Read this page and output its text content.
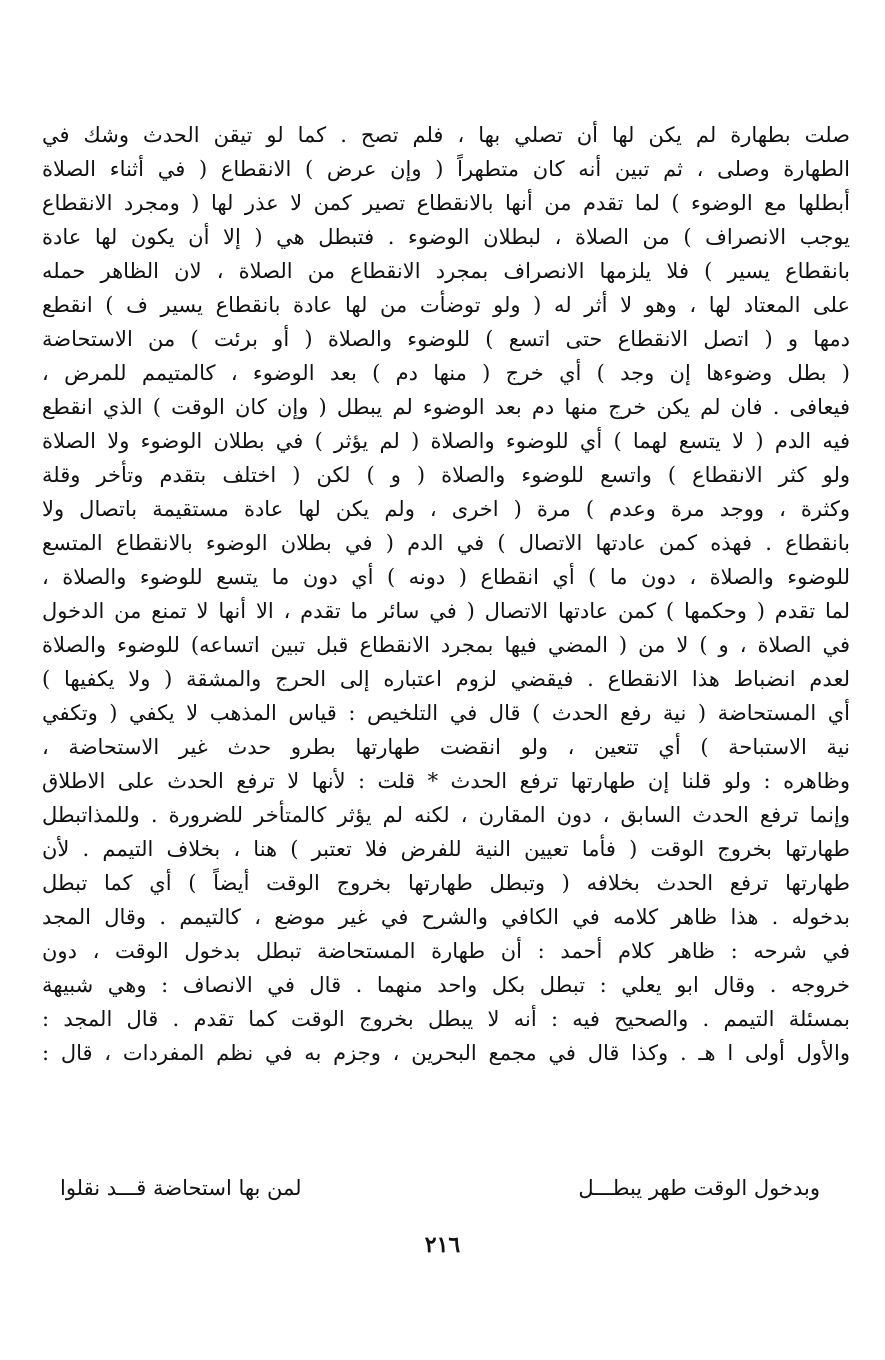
صلت بطهارة لم يكن لها أن تصلي بها ، فلم تصح . كما لو تيقن الحدث وشك في
الطهارة وصلى ، ثم تبين أنه كان متطهراً ( وإن عرض ) الانقطاع ( في أثناء الصلاة
أبطلها مع الوضوء ) لما تقدم من أنها بالانقطاع تصير كمن لا عذر لها ( ومجرد الانقطاع
يوجب الانصراف ) من الصلاة ، لبطلان الوضوء . فتبطل هي ( إلا أن يكون لها عادة
بانقطاع يسير ) فلا يلزمها الانصراف بمجرد الانقطاع من الصلاة ، لان الظاهر حمله
على المعتاد لها ، وهو لا أثر له ( ولو توضأت من لها عادة بانقطاع يسير ف ) انقطع
دمها و ( اتصل الانقطاع حتى اتسع ) للوضوء والصلاة ( أو برئت ) من الاستحاضة
( بطل وضوءها إن وجد ) أي خرج ( منها دم ) بعد الوضوء ، كالمتيمم للمرض ،
فيعافى . فان لم يكن خرج منها دم بعد الوضوء لم يبطل ( وإن كان الوقت ) الذي انقطع
فيه الدم ( لا يتسع لهما ) أي للوضوء والصلاة ( لم يؤثر ) في بطلان الوضوء ولا الصلاة
ولو كثر الانقطاع ) واتسع للوضوء والصلاة ( و ) لكن ( اختلف بتقدم وتأخر وقلة
وكثرة ، ووجد مرة وعدم ) مرة ( اخرى ، ولم يكن لها عادة مستقيمة باتصال ولا
بانقطاع . فهذه كمن عادتها الاتصال ) في الدم ( في بطلان الوضوء بالانقطاع المتسع
للوضوء والصلاة ، دون ما ) أي انقطاع ( دونه ) أي دون ما يتسع للوضوء والصلاة ،
لما تقدم ( وحكمها ) كمن عادتها الاتصال ( في سائر ما تقدم ، الا أنها لا تمنع من الدخول
في الصلاة ، و ) لا من ( المضي فيها بمجرد الانقطاع قبل تبين اتساعه) للوضوء والصلاة
لعدم انضباط هذا الانقطاع . فيقضي لزوم اعتباره إلى الحرج والمشقة ( ولا يكفيها )
أي المستحاضة ( نية رفع الحدث ) قال في التلخيص : قياس المذهب لا يكفي ( وتكفي
نية الاستباحة ) أي تتعين ، ولو انقضت طهارتها بطرو حدث غير الاستحاضة ،
وظاهره : ولو قلنا إن طهارتها ترفع الحدث * قلت : لأنها لا ترفع الحدث على الاطلاق
وإنما ترفع الحدث السابق ، دون المقارن ، لكنه لم يؤثر كالمتأخر للضرورة . وللمذاتبطل
طهارتها بخروج الوقت ( فأما تعيين النية للفرض فلا تعتبر ) هنا ، بخلاف التيمم . لأن
طهارتها ترفع الحدث بخلافه ( وتبطل طهارتها بخروج الوقت أيضاً ) أي كما تبطل
بدخوله . هذا ظاهر كلامه في الكافي والشرح في غير موضع ، كالتيمم . وقال المجد
في شرحه : ظاهر كلام أحمد : أن طهارة المستحاضة تبطل بدخول الوقت ، دون
خروجه . وقال ابو يعلي : تبطل بكل واحد منهما . قال في الانصاف : وهي شبيهة
بمسئلة التيمم . والصحيح فيه : أنه لا يبطل بخروج الوقت كما تقدم . قال المجد :
والأول أولى ا هـ . وكذا قال في مجمع البحرين ، وجزم به في نظم المفردات ، قال :
وبدخول الوقت طهر يبطـــل
لمن بها استحاضة قـــد نقلوا
٢١٦
